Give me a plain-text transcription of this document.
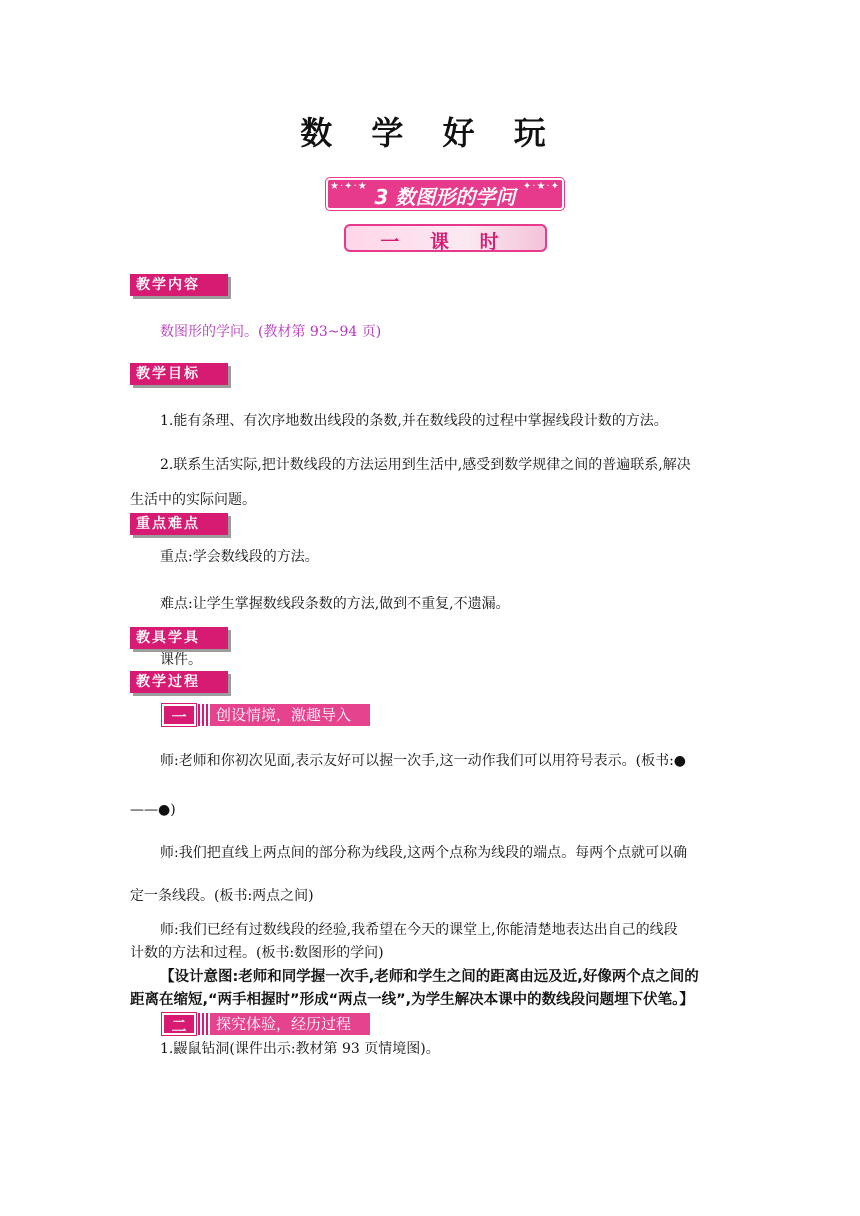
数 学 好 玩
★·✦·★	✦·★·✦
3 数图形的学问
一 课 时
教学内容
数图形的学问。(教材第 93~94 页)
教学目标
1.能有条理、有次序地数出线段的条数,并在数线段的过程中掌握线段计数的方法。
2.联系生活实际,把计数线段的方法运用到生活中,感受到数学规律之间的普遍联系,解决
生活中的实际问题。
重点难点
重点:学会数线段的方法。
难点:让学生掌握数线段条数的方法,做到不重复,不遗漏。
教具学具
课件。
教学过程
一	创设情境，激趣导入
师:老师和你初次见面,表示友好可以握一次手,这一动作我们可以用符号表示。(板书:●
——●)
师:我们把直线上两点间的部分称为线段,这两个点称为线段的端点。每两个点就可以确
定一条线段。(板书:两点之间)
师:我们已经有过数线段的经验,我希望在今天的课堂上,你能清楚地表达出自己的线段
计数的方法和过程。(板书:数图形的学问)
【设计意图:老师和同学握一次手,老师和学生之间的距离由远及近,好像两个点之间的
距离在缩短,“两手相握时”形成“两点一线”,为学生解决本课中的数线段问题埋下伏笔。】
二	探究体验，经历过程
1.鼹鼠钻洞(课件出示:教材第 93 页情境图)。
